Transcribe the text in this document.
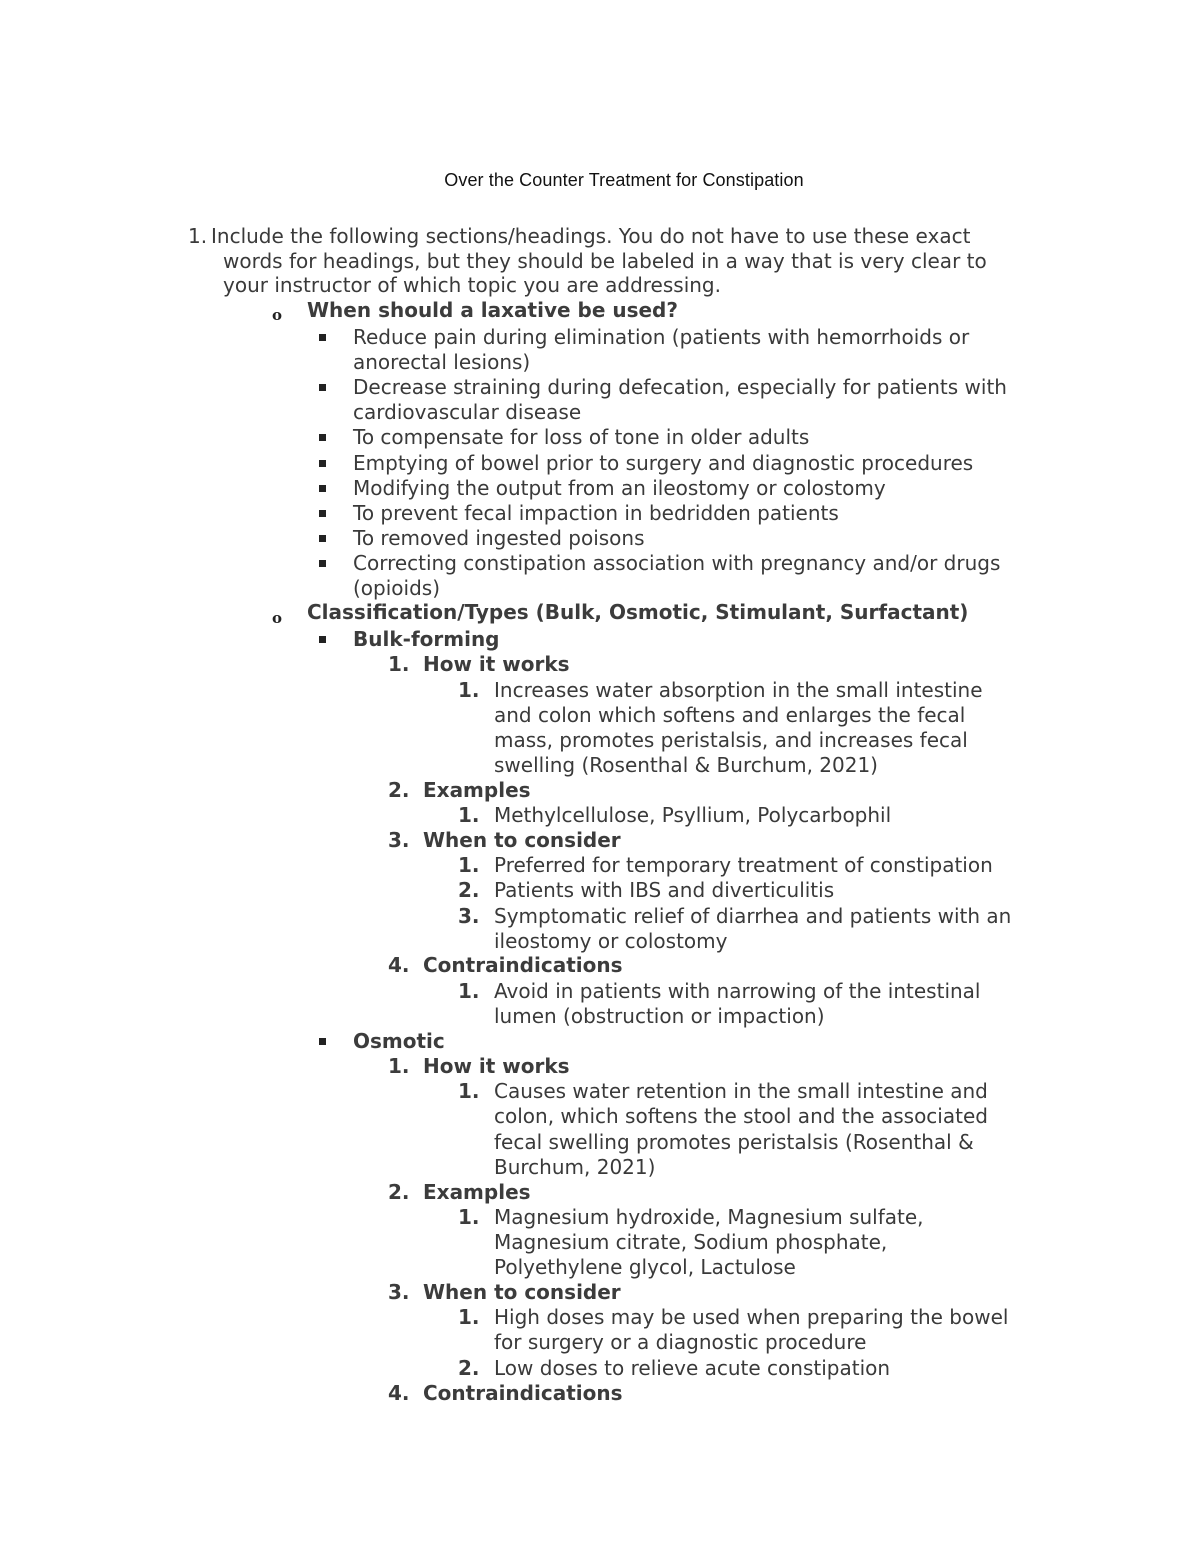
Over the Counter Treatment for Constipation
1. Include the following sections/headings. You do not have to use these exact
words for headings, but they should be labeled in a way that is very clear to
your instructor of which topic you are addressing.
o When should a laxative be used?
Reduce pain during elimination (patients with hemorrhoids or
anorectal lesions)
Decrease straining during defecation, especially for patients with
cardiovascular disease
To compensate for loss of tone in older adults
Emptying of bowel prior to surgery and diagnostic procedures
Modifying the output from an ileostomy or colostomy
To prevent fecal impaction in bedridden patients
To removed ingested poisons
Correcting constipation association with pregnancy and/or drugs
(opioids)
o Classification/Types (Bulk, Osmotic, Stimulant, Surfactant)
Bulk-forming
1. How it works
1. Increases water absorption in the small intestine
and colon which softens and enlarges the fecal
mass, promotes peristalsis, and increases fecal
swelling (Rosenthal & Burchum, 2021)
2. Examples
1. Methylcellulose, Psyllium, Polycarbophil
3. When to consider
1. Preferred for temporary treatment of constipation
2. Patients with IBS and diverticulitis
3. Symptomatic relief of diarrhea and patients with an
ileostomy or colostomy
4. Contraindications
1. Avoid in patients with narrowing of the intestinal
lumen (obstruction or impaction)
Osmotic
1. How it works
1. Causes water retention in the small intestine and
colon, which softens the stool and the associated
fecal swelling promotes peristalsis (Rosenthal &
Burchum, 2021)
2. Examples
1. Magnesium hydroxide, Magnesium sulfate,
Magnesium citrate, Sodium phosphate,
Polyethylene glycol, Lactulose
3. When to consider
1. High doses may be used when preparing the bowel
for surgery or a diagnostic procedure
2. Low doses to relieve acute constipation
4. Contraindications
